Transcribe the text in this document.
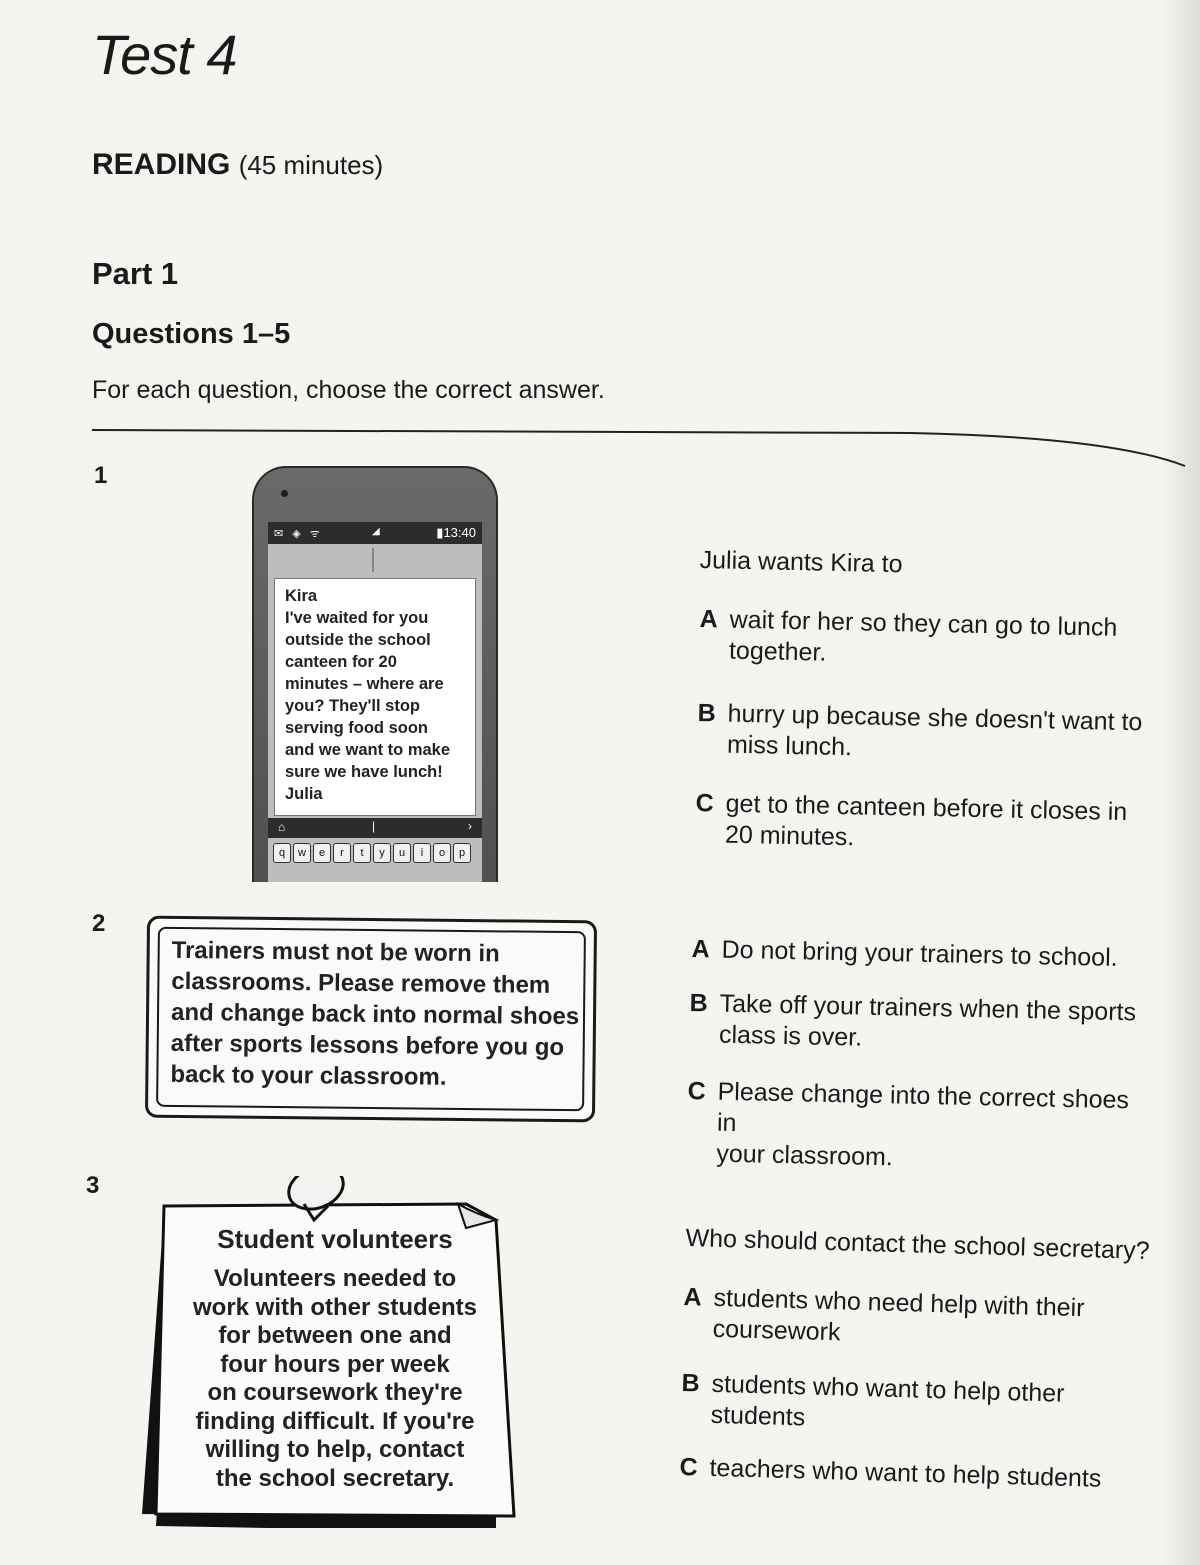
Test 4
READING (45 minutes)
Part 1
Questions 1–5
For each question, choose the correct answer.
1
✉ ◈ ᯤ	◢	▮13:40
Kira
I've waited for you
outside the school
canteen for 20
minutes – where are
you? They'll stop
serving food soon
and we want to make
sure we have lunch!
Julia
⌂	|	›
q w e r t y u i o p
Julia wants Kira to
A wait for her so they can go to lunch
together.
B hurry up because she doesn't want to
miss lunch.
C get to the canteen before it closes in
20 minutes.
2
Trainers must not be worn in
classrooms. Please remove them
and change back into normal shoes
after sports lessons before you go
back to your classroom.
A Do not bring your trainers to school.
B Take off your trainers when the sports
class is over.
C Please change into the correct shoes in
your classroom.
3
Student volunteers
Volunteers needed to
work with other students
for between one and
four hours per week
on coursework they're
finding difficult. If you're
willing to help, contact
the school secretary.
Who should contact the school secretary?
A students who need help with their
coursework
B students who want to help other
students
C teachers who want to help students
